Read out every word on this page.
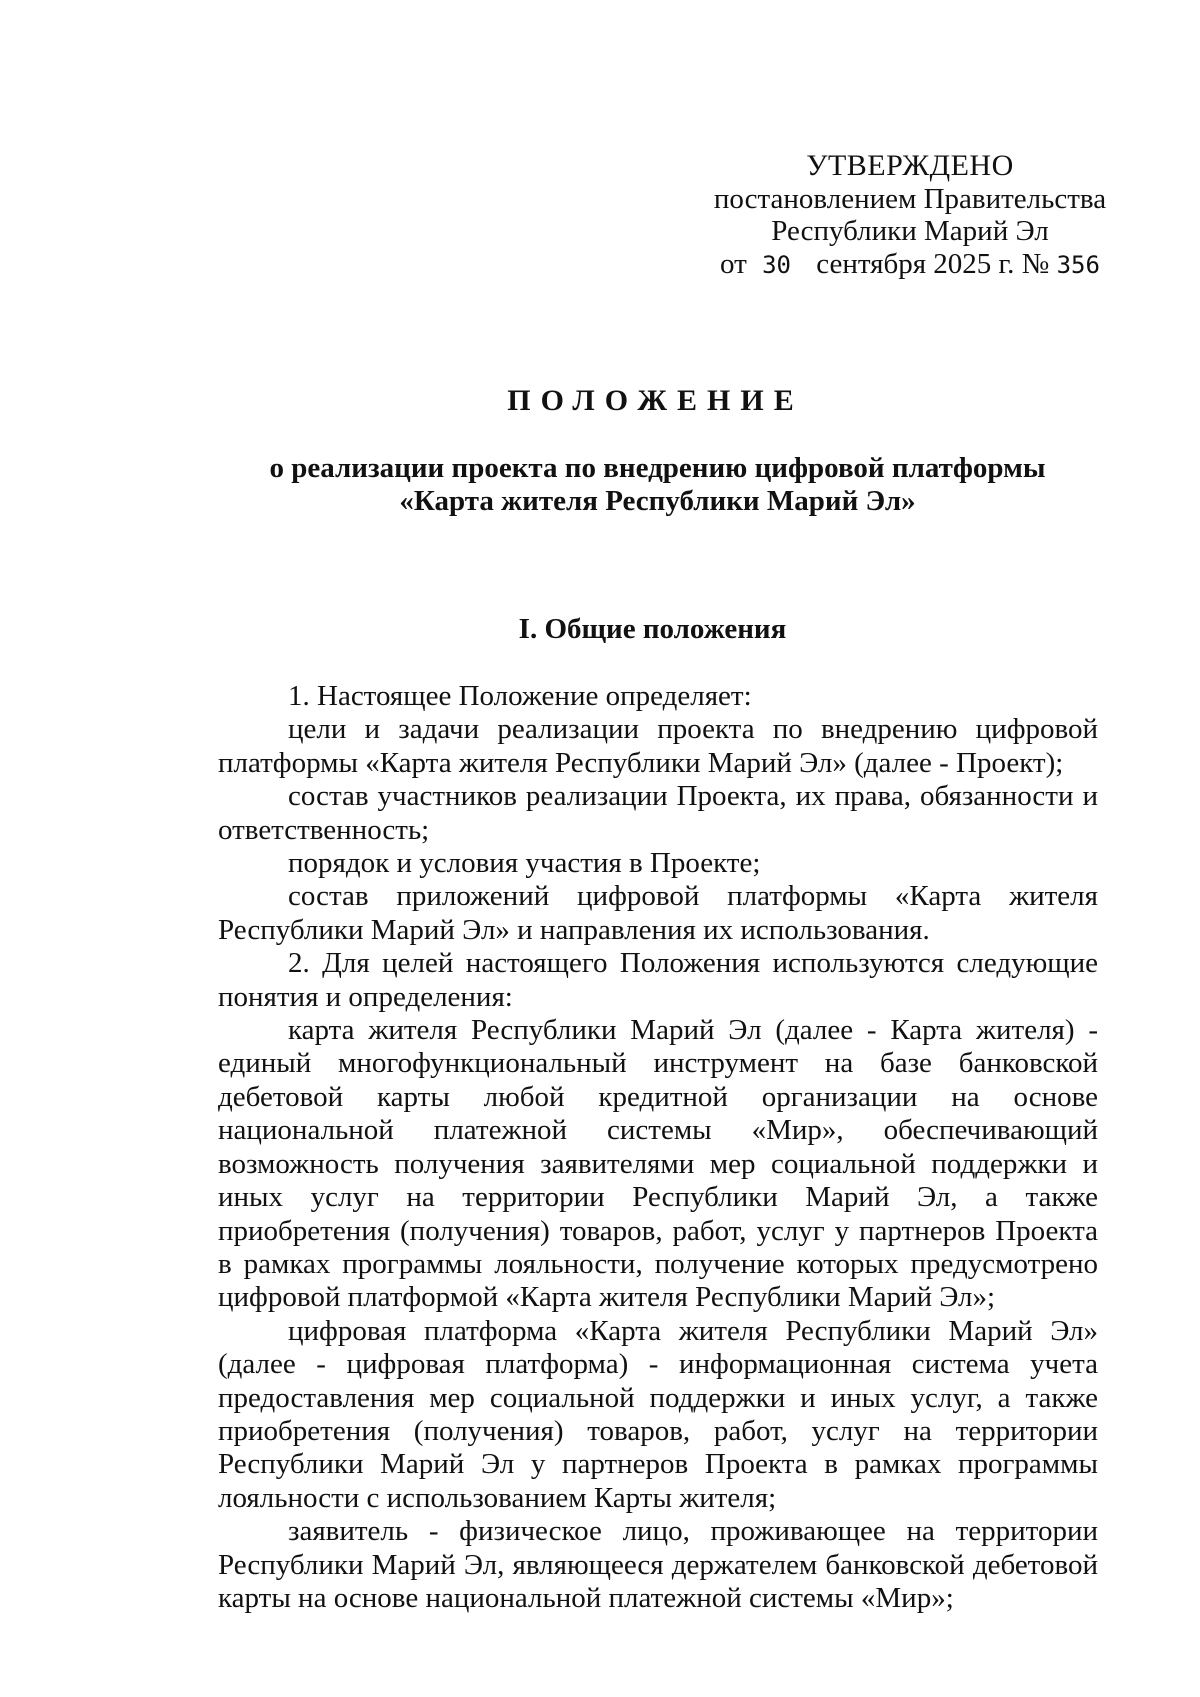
УТВЕРЖДЕНО
постановлением Правительства
Республики Марий Эл
от 30 сентября 2025 г. № 356
ПОЛОЖЕНИЕ
о реализации проекта по внедрению цифровой платформы
«Карта жителя Республики Марий Эл»
I. Общие положения

1. Настоящее Положение определяет:

цели и задачи реализации проекта по внедрению цифровой платформы «Карта жителя Республики Марий Эл» (далее - Проект);

состав участников реализации Проекта, их права, обязанности и ответственность;

порядок и условия участия в Проекте;

состав приложений цифровой платформы «Карта жителя Республики Марий Эл» и направления их использования.

2. Для целей настоящего Положения используются следующие понятия и определения:

карта жителя Республики Марий Эл (далее - Карта жителя) - единый многофункциональный инструмент на базе банковской дебетовой карты любой кредитной организации на основе национальной платежной системы «Мир», обеспечивающий возможность получения заявителями мер социальной поддержки и иных услуг на территории Республики Марий Эл, а также приобретения (получения) товаров, работ, услуг у партнеров Проекта в рамках программы лояльности, получение которых предусмотрено цифровой платформой «Карта жителя Республики Марий Эл»;

цифровая платформа «Карта жителя Республики Марий Эл» (далее - цифровая платформа) - информационная система учета предоставления мер социальной поддержки и иных услуг, а также приобретения (получения) товаров, работ, услуг на территории Республики Марий Эл у партнеров Проекта в рамках программы лояльности с использованием Карты жителя;

заявитель - физическое лицо, проживающее на территории Республики Марий Эл, являющееся держателем банковской дебетовой карты на основе национальной платежной системы «Мир»;
